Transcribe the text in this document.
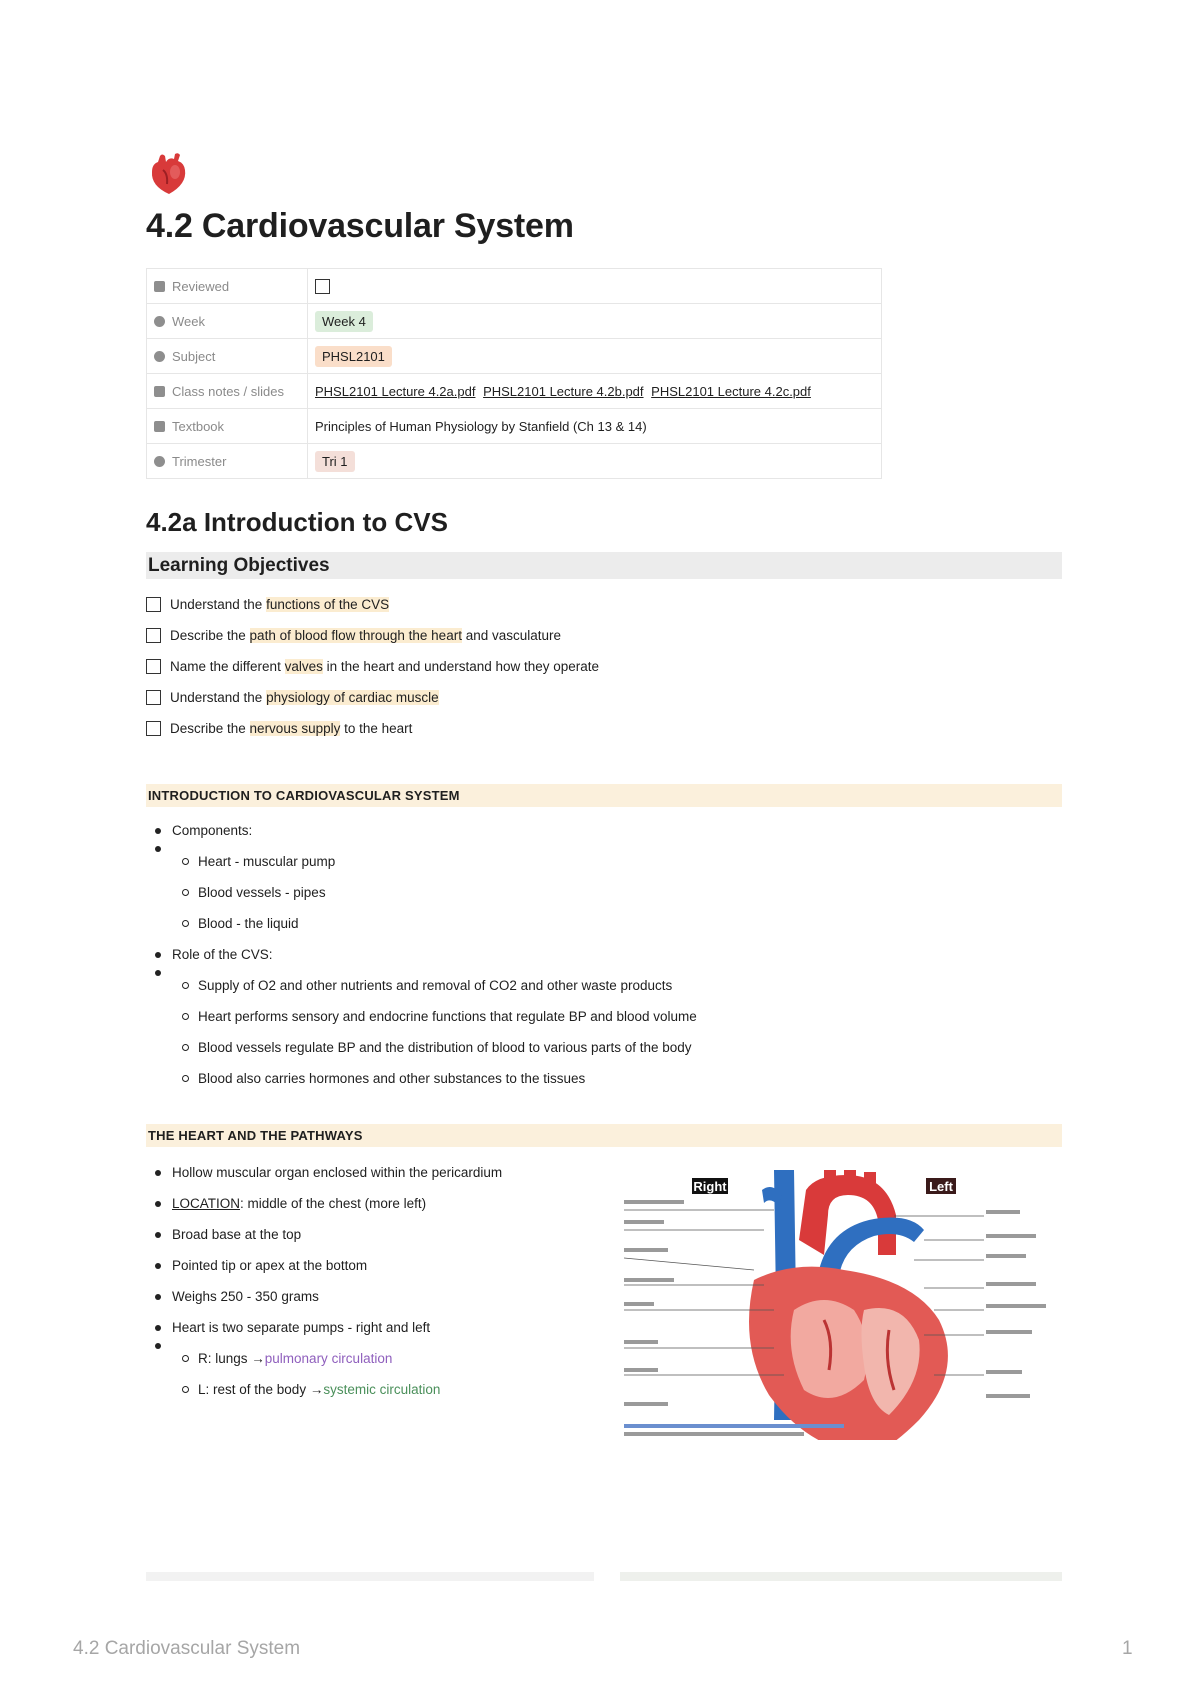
4.2 Cardiovascular System
Reviewed	
Week	Week 4
Subject	PHSL2101
Class notes / slides	PHSL2101 Lecture 4.2a.pdf PHSL2101 Lecture 4.2b.pdf PHSL2101 Lecture 4.2c.pdf
Textbook	Principles of Human Physiology by Stanfield (Ch 13 & 14)
Trimester	Tri 1
4.2a Introduction to CVS
Learning Objectives
Understand the functions of the CVS
Describe the path of blood flow through the heart and vasculature
Name the different valves in the heart and understand how they operate
Understand the physiology of cardiac muscle
Describe the nervous supply to the heart
INTRODUCTION TO CARDIOVASCULAR SYSTEM
Components:
Heart - muscular pump
Blood vessels - pipes
Blood - the liquid
Role of the CVS:
Supply of O2 and other nutrients and removal of CO2 and other waste products
Heart performs sensory and endocrine functions that regulate BP and blood volume
Blood vessels regulate BP and the distribution of blood to various parts of the body
Blood also carries hormones and other substances to the tissues
THE HEART AND THE PATHWAYS
Hollow muscular organ enclosed within the pericardium
LOCATION : middle of the chest (more left)
Broad base at the top
Pointed tip or apex at the bottom
Weighs 250 - 350 grams
Heart is two separate pumps - right and left
R: lungs → pulmonary circulation
L: rest of the body → systemic circulation
Right	Left
4.2 Cardiovascular System	1
